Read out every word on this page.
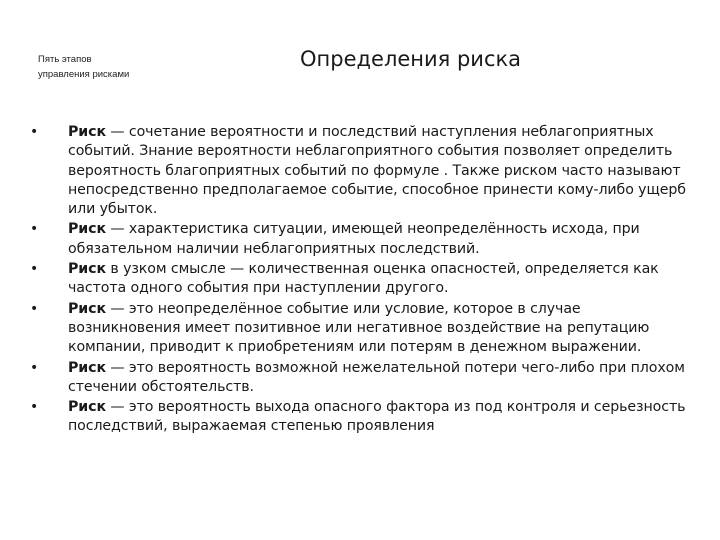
Пять этапов
управления рисками
Определения риска
• Риск — сочетание вероятности и последствий наступления неблагоприятных событий. Знание вероятности неблагоприятного события позволяет определить вероятность благоприятных событий по формуле . Также риском часто называют непосредственно предполагаемое событие, способное принести кому-либо ущерб или убыток.
• Риск — характеристика ситуации, имеющей неопределённость исхода, при обязательном наличии неблагоприятных последствий.
• Риск в узком смысле — количественная оценка опасностей, определяется как частота одного события при наступлении другого.
• Риск — это неопределённое событие или условие, которое в случае возникновения имеет позитивное или негативное воздействие на репутацию компании, приводит к приобретениям или потерям в денежном выражении.
• Риск — это вероятность возможной нежелательной потери чего-либо при плохом стечении обстоятельств.
• Риск — это вероятность выхода опасного фактора из под контроля и серьезность последствий, выражаемая степенью проявления
